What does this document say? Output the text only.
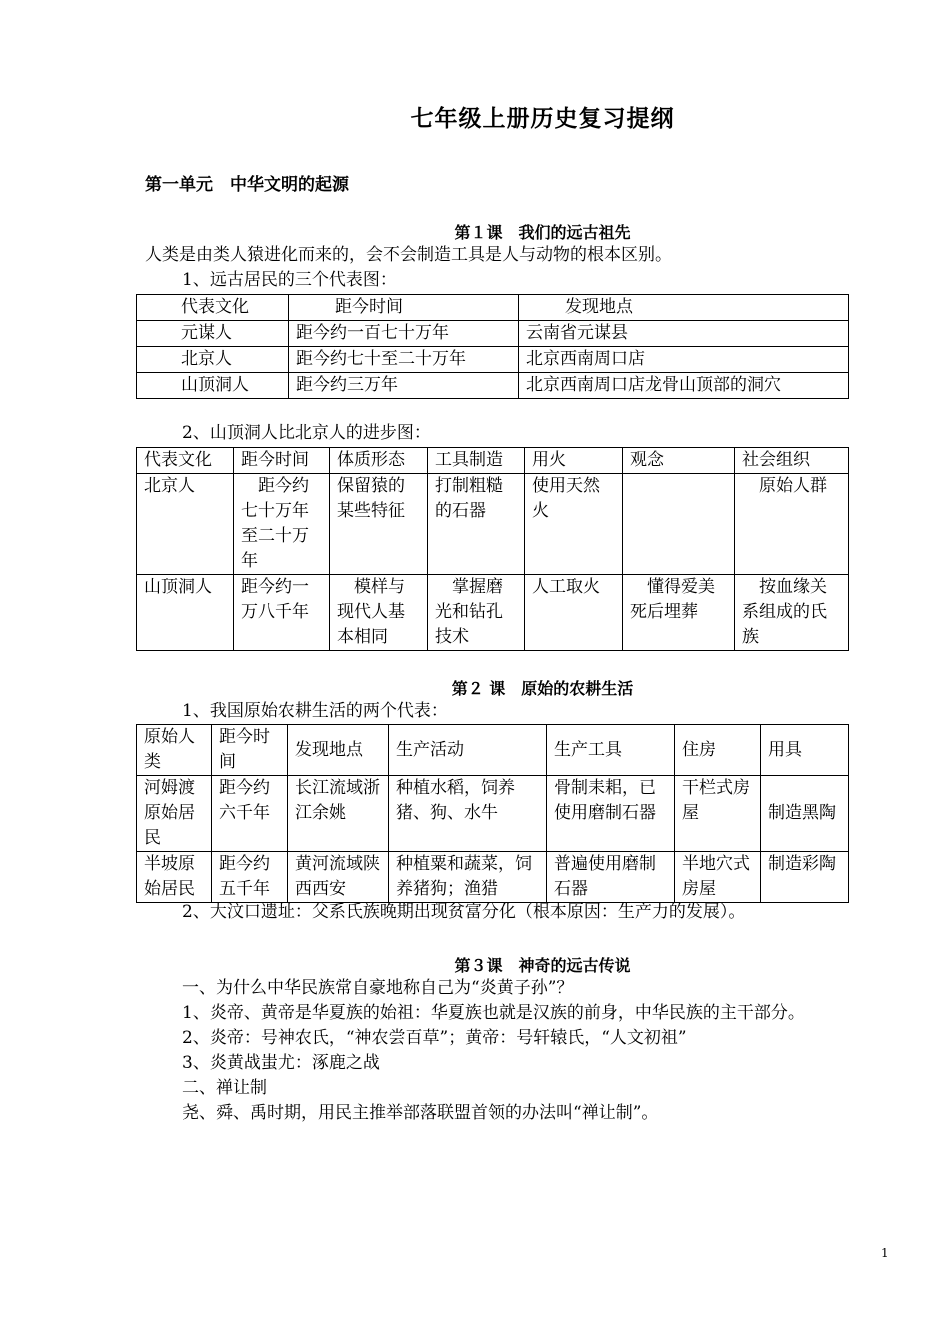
七年级上册历史复习提纲
第一单元　中华文明的起源
第１课　我们的远古祖先
人类是由类人猿进化而来的，会不会制造工具是人与动物的根本区别。
1、远古居民的三个代表图：
代表文化	距今时间	发现地点
元谋人	距今约一百七十万年	云南省元谋县
北京人	距今约七十至二十万年	北京西南周口店
山顶洞人	距今约三万年	北京西南周口店龙骨山顶部的洞穴
2、山顶洞人比北京人的进步图：
代表文化	距今时间	体质形态	工具制造	用火	观念	社会组织
北京人	距今约七十万年至二十万年	保留猿的某些特征	打制粗糙的石器	使用天然火		原始人群
山顶洞人	距今约一万八千年	模样与现代人基本相同	掌握磨光和钻孔技术	人工取火	懂得爱美死后埋葬	按血缘关系组成的氏族
第２ 课　原始的农耕生活
1、我国原始农耕生活的两个代表：
原始人类	距今时间	发现地点	生产活动	生产工具	住房	用具
河姆渡原始居民	距今约六千年	长江流域浙江余姚	种植水稻，饲养猪、狗、水牛	骨制耒耜，已使用磨制石器	干栏式房屋	制造黑陶
半坡原始居民	距今约五千年	黄河流域陕西西安	种植粟和蔬菜，饲养猪狗；渔猎	普遍使用磨制石器	半地穴式房屋	制造彩陶
2、大汶口遗址：父系氏族晚期出现贫富分化（根本原因：生产力的发展）。
第３课　神奇的远古传说
一、为什么中华民族常自豪地称自己为“炎黄子孙”？
1、炎帝、黄帝是华夏族的始祖：华夏族也就是汉族的前身，中华民族的主干部分。
2、炎帝：号神农氏，“神农尝百草”；黄帝：号轩辕氏，“人文初祖”
3、炎黄战蚩尤：涿鹿之战
二、禅让制
尧、舜、禹时期，用民主推举部落联盟首领的办法叫“禅让制”。
1
